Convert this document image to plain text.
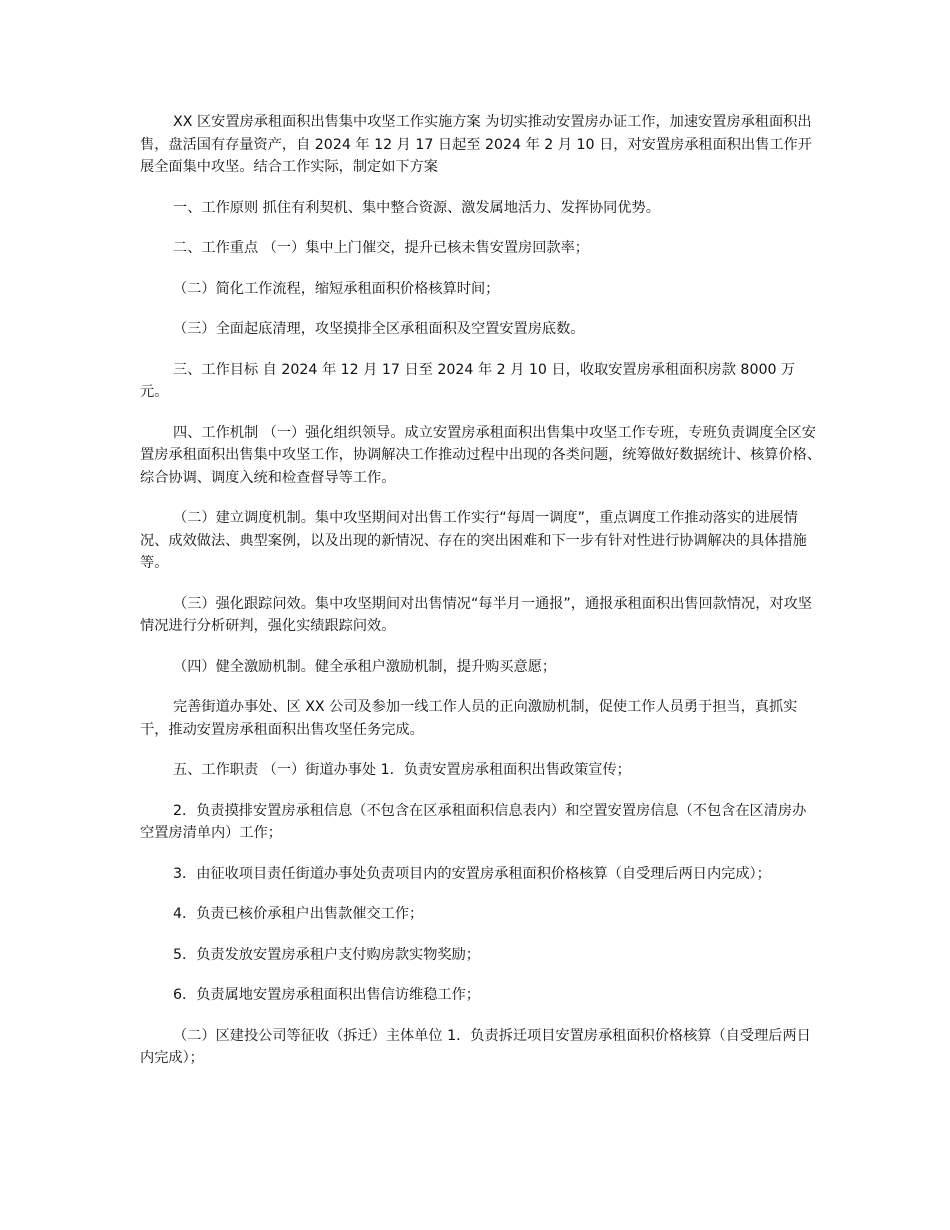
XX 区安置房承租面积出售集中攻坚工作实施方案 为切实推动安置房办证工作，加速安置房承租面积出售，盘活国有存量资产，自 2024 年 12 月 17 日起至 2024 年 2 月 10 日，对安置房承租面积出售工作开展全面集中攻坚。结合工作实际，制定如下方案

一、工作原则 抓住有利契机、集中整合资源、激发属地活力、发挥协同优势。

二、工作重点 （一）集中上门催交，提升已核未售安置房回款率；

（二）简化工作流程，缩短承租面积价格核算时间；

（三）全面起底清理，攻坚摸排全区承租面积及空置安置房底数。

三、工作目标 自 2024 年 12 月 17 日至 2024 年 2 月 10 日，收取安置房承租面积房款 8000 万元。

四、工作机制 （一）强化组织领导。成立安置房承租面积出售集中攻坚工作专班，专班负责调度全区安置房承租面积出售集中攻坚工作，协调解决工作推动过程中出现的各类问题，统筹做好数据统计、核算价格、综合协调、调度入统和检查督导等工作。

（二）建立调度机制。集中攻坚期间对出售工作实行“每周一调度”，重点调度工作推动落实的进展情况、成效做法、典型案例，以及出现的新情况、存在的突出困难和下一步有针对性进行协调解决的具体措施等。

（三）强化跟踪问效。集中攻坚期间对出售情况“每半月一通报”，通报承租面积出售回款情况，对攻坚情况进行分析研判，强化实绩跟踪问效。

（四）健全激励机制。健全承租户激励机制，提升购买意愿；

完善街道办事处、区 XX 公司及参加一线工作人员的正向激励机制，促使工作人员勇于担当，真抓实干，推动安置房承租面积出售攻坚任务完成。

五、工作职责 （一）街道办事处 1．负责安置房承租面积出售政策宣传；

2．负责摸排安置房承租信息（不包含在区承租面积信息表内）和空置安置房信息（不包含在区清房办空置房清单内）工作；

3．由征收项目责任街道办事处负责项目内的安置房承租面积价格核算（自受理后两日内完成）；

4．负责已核价承租户出售款催交工作；

5．负责发放安置房承租户支付购房款实物奖励；

6．负责属地安置房承租面积出售信访维稳工作；

（二）区建投公司等征收（拆迁）主体单位 1．负责拆迁项目安置房承租面积价格核算（自受理后两日内完成）；
